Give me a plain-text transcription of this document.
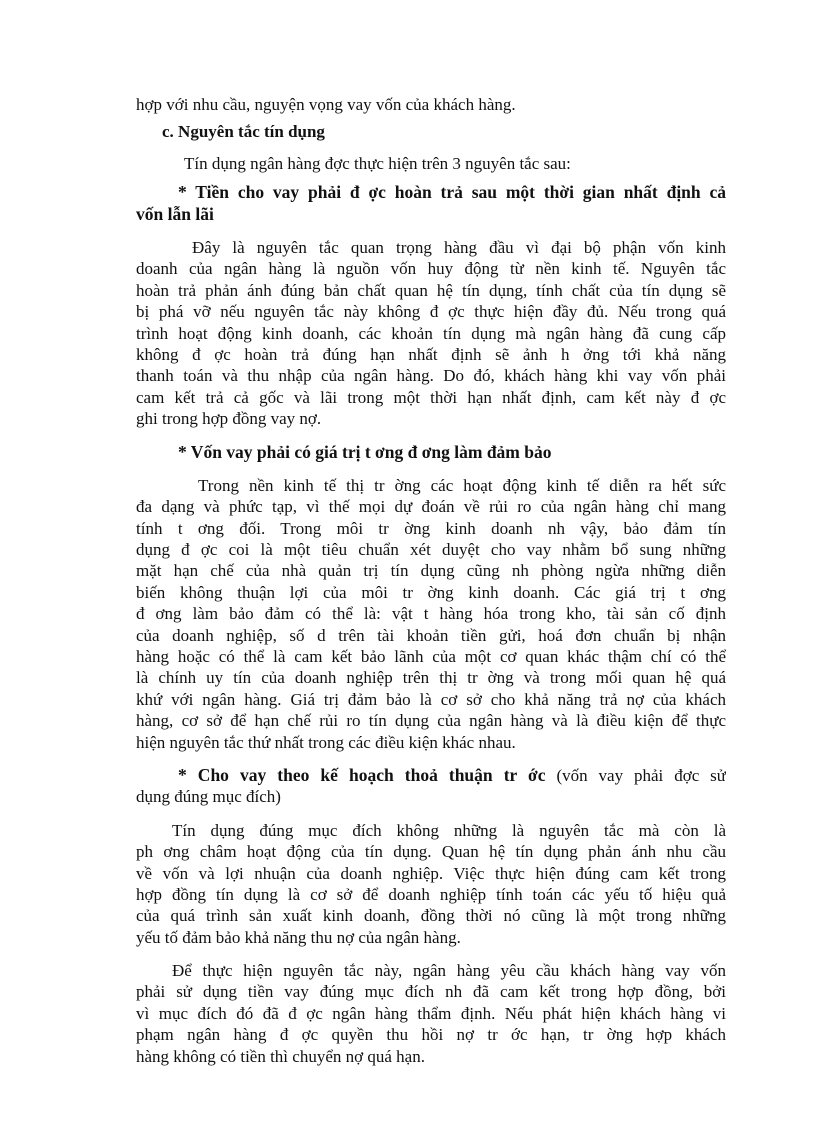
hợp với nhu cầu, nguyện vọng vay vốn của khách hàng.

c. Nguyên tắc tín dụng

Tín dụng ngân hàng đợc thực hiện trên 3 nguyên tắc sau:

* Tiền cho vay phải đ ợc hoàn trả sau một thời gian nhất định cả
vốn lẫn lãi
Đây là nguyên tắc quan trọng hàng đầu vì đại bộ phận vốn kinh
doanh của ngân hàng là nguồn vốn huy động từ nền kinh tế. Nguyên tắc
hoàn trả phản ánh đúng bản chất quan hệ tín dụng, tính chất của tín dụng sẽ
bị phá vỡ nếu nguyên tắc này không đ ợc thực hiện đầy đủ. Nếu trong quá
trình hoạt động kinh doanh, các khoản tín dụng mà ngân hàng đã cung cấp
không đ ợc hoàn trả đúng hạn nhất định sẽ ảnh h ởng tới khả năng
thanh toán và thu nhập của ngân hàng. Do đó, khách hàng khi vay vốn phải
cam kết trả cả gốc và lãi trong một thời hạn nhất định, cam kết này đ ợc
ghi trong hợp đồng vay nợ.
* Vốn vay phải có giá trị t ơng đ ơng làm đảm bảo
Trong nền kinh tế thị tr ờng các hoạt động kinh tế diễn ra hết sức
đa dạng và phức tạp, vì thế mọi dự đoán về rủi ro của ngân hàng chỉ mang
tính t ơng đối. Trong môi tr ờng kinh doanh nh vậy, bảo đảm tín
dụng đ ợc coi là một tiêu chuẩn xét duyệt cho vay nhằm bổ sung những
mặt hạn chế của nhà quản trị tín dụng cũng nh phòng ngừa những diễn
biến không thuận lợi của môi tr ờng kinh doanh. Các giá trị t ơng
đ ơng làm bảo đảm có thể là: vật t hàng hóa trong kho, tài sản cố định
của doanh nghiệp, số d trên tài khoản tiền gửi, hoá đơn chuẩn bị nhận
hàng hoặc có thể là cam kết bảo lãnh của một cơ quan khác thậm chí có thể
là chính uy tín của doanh nghiệp trên thị tr ờng và trong mối quan hệ quá
khứ với ngân hàng. Giá trị đảm bảo là cơ sở cho khả năng trả nợ của khách
hàng, cơ sở để hạn chế rủi ro tín dụng của ngân hàng và là điều kiện để thực
hiện nguyên tắc thứ nhất trong các điều kiện khác nhau.
* Cho vay theo kế hoạch thoả thuận tr ớc (vốn vay phải đợc sử
dụng đúng mục đích)
Tín dụng đúng mục đích không những là nguyên tắc mà còn là
ph ơng châm hoạt động của tín dụng. Quan hệ tín dụng phản ánh nhu cầu
về vốn và lợi nhuận của doanh nghiệp. Việc thực hiện đúng cam kết trong
hợp đồng tín dụng là cơ sở để doanh nghiệp tính toán các yếu tố hiệu quả
của quá trình sản xuất kinh doanh, đồng thời nó cũng là một trong những
yếu tố đảm bảo khả năng thu nợ của ngân hàng.
Để thực hiện nguyên tắc này, ngân hàng yêu cầu khách hàng vay vốn
phải sử dụng tiền vay đúng mục đích nh đã cam kết trong hợp đồng, bởi
vì mục đích đó đã đ ợc ngân hàng thẩm định. Nếu phát hiện khách hàng vi
phạm ngân hàng đ ợc quyền thu hồi nợ tr ớc hạn, tr ờng hợp khách
hàng không có tiền thì chuyển nợ quá hạn.
